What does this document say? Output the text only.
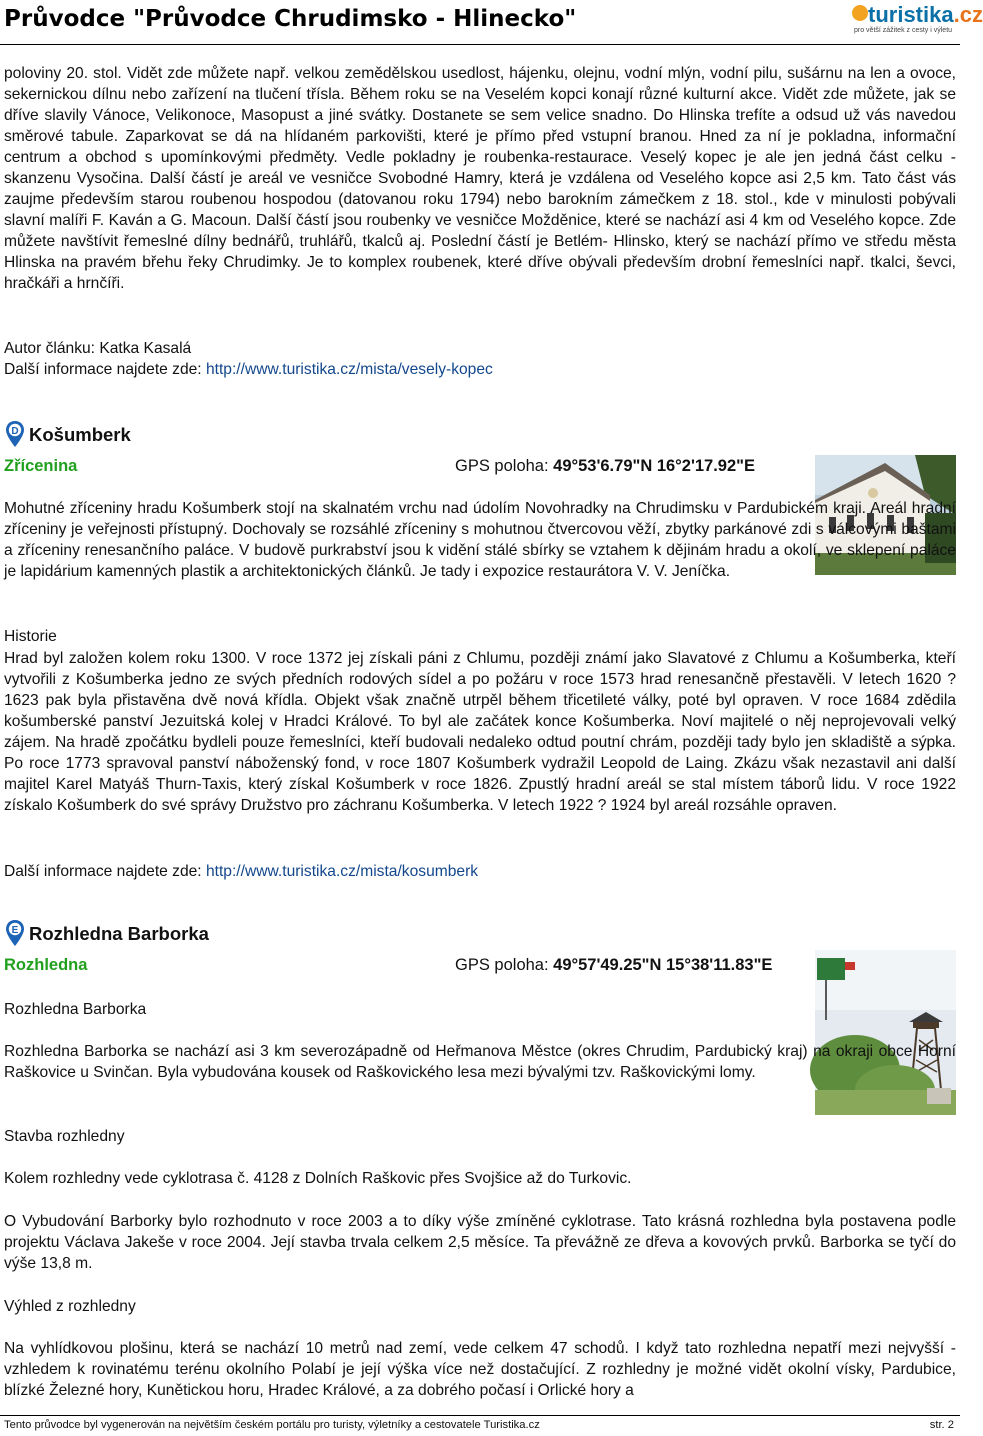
Průvodce "Průvodce Chrudimsko - Hlinecko"	turistika.cz
pro větší zážitek z cesty i výletu

poloviny 20. stol. Vidět zde můžete např. velkou zemědělskou usedlost, hájenku, olejnu, vodní mlýn, vodní pilu, sušárnu na len a ovoce, sekernickou dílnu nebo zařízení na tlučení třísla. Během roku se na Veselém kopci konají různé kulturní akce. Vidět zde můžete, jak se dříve slavily Vánoce, Velikonoce, Masopust a jiné svátky. Dostanete se sem velice snadno. Do Hlinska trefíte a odsud už vás navedou směrové tabule. Zaparkovat se dá na hlídaném parkovišti, které je přímo před vstupní branou. Hned za ní je pokladna, informační centrum a obchod s upomínkovými předměty. Vedle pokladny je roubenka-restaurace. Veselý kopec je ale jen jedná část celku - skanzenu Vysočina. Další částí je areál ve vesničce Svobodné Hamry, která je vzdálena od Veselého kopce asi 2,5 km. Tato část vás zaujme především starou roubenou hospodou (datovanou roku 1794) nebo barokním zámečkem z 18. stol., kde v minulosti pobývali slavní malíři F. Kaván a G. Macoun. Další částí jsou roubenky ve vesničce Možděnice, které se nachází asi 4 km od Veselého kopce. Zde můžete navštívit řemeslné dílny bednářů, truhlářů, tkalců aj. Poslední částí je Betlém- Hlinsko, který se nachází přímo ve středu města Hlinska na pravém břehu řeky Chrudimky. Je to komplex roubenek, které dříve obývali především drobní řemeslníci např. tkalci, ševci, hračkáři a hrnčíři.

Autor článku: Katka Kasalá
Další informace najdete zde: http://www.turistika.cz/mista/vesely-kopec
D Košumberk
Zřícenina	GPS poloha: 49°53'6.79"N 16°2'17.92"E

Mohutné zříceniny hradu Košumberk stojí na skalnatém vrchu nad údolím Novohradky na Chrudimsku v Pardubickém kraji. Areál hradní zříceniny je veřejnosti přístupný. Dochovaly se rozsáhlé zříceniny s mohutnou čtvercovou věží, zbytky parkánové zdi s válcovými baštami a zříceniny renesančního paláce. V budově purkrabství jsou k vidění stálé sbírky se vztahem k dějinám hradu a okolí, ve sklepení paláce je lapidárium kamenných plastik a architektonických článků. Je tady i expozice restaurátora V. V. Jeníčka.

Historie

Hrad byl založen kolem roku 1300. V roce 1372 jej získali páni z Chlumu, později známí jako Slavatové z Chlumu a Košumberka, kteří vytvořili z Košumberka jedno ze svých předních rodových sídel a po požáru v roce 1573 hrad renesančně přestavěli. V letech 1620 ? 1623 pak byla přistavěna dvě nová křídla. Objekt však značně utrpěl během třicetileté války, poté byl opraven. V roce 1684 zdědila košumberské panství Jezuitská kolej v Hradci Králové. To byl ale začátek konce Košumberka. Noví majitelé o něj neprojevovali velký zájem. Na hradě zpočátku bydleli pouze řemeslníci, kteří budovali nedaleko odtud poutní chrám, později tady bylo jen skladiště a sýpka. Po roce 1773 spravoval panství náboženský fond, v roce 1807 Košumberk vydražil Leopold de Laing. Zkázu však nezastavil ani další majitel Karel Matyáš Thurn-Taxis, který získal Košumberk v roce 1826. Zpustlý hradní areál se stal místem táborů lidu. V roce 1922 získalo Košumberk do své správy Družstvo pro záchranu Košumberka. V letech 1922 ? 1924 byl areál rozsáhle opraven.

Další informace najdete zde: http://www.turistika.cz/mista/kosumberk
E Rozhledna Barborka
Rozhledna	GPS poloha: 49°57'49.25"N 15°38'11.83"E
Rozhledna Barborka

Rozhledna Barborka se nachází asi 3 km severozápadně od Heřmanova Městce (okres Chrudim, Pardubický kraj) na okraji obce Horní Raškovice u Svinčan. Byla vybudována kousek od Raškovického lesa mezi bývalými tzv. Raškovickými lomy.

Stavba rozhledny
Kolem rozhledny vede cyklotrasa č. 4128 z Dolních Raškovic přes Svojšice až do Turkovic.

O Vybudování Barborky bylo rozhodnuto v roce 2003 a to díky výše zmíněné cyklotrase. Tato krásná rozhledna byla postavena podle projektu Václava Jakeše v roce 2004. Její stavba trvala celkem 2,5 měsíce. Ta převážně ze dřeva a kovových prvků. Barborka se tyčí do výše 13,8 m.

Výhled z rozhledny

Na vyhlídkovou plošinu, která se nachází 10 metrů nad zemí, vede celkem 47 schodů. I když tato rozhledna nepatří mezi nejvyšší - vzhledem k rovinatému terénu okolního Polabí je její výška více než dostačující. Z rozhledny je možné vidět okolní vísky, Pardubice, blízké Železné hory, Kunětickou horu, Hradec Králové, a za dobrého počasí i Orlické hory a

Tento průvodce byl vygenerován na největším českém portálu pro turisty, výletníky a cestovatele Turistika.cz	str. 2
